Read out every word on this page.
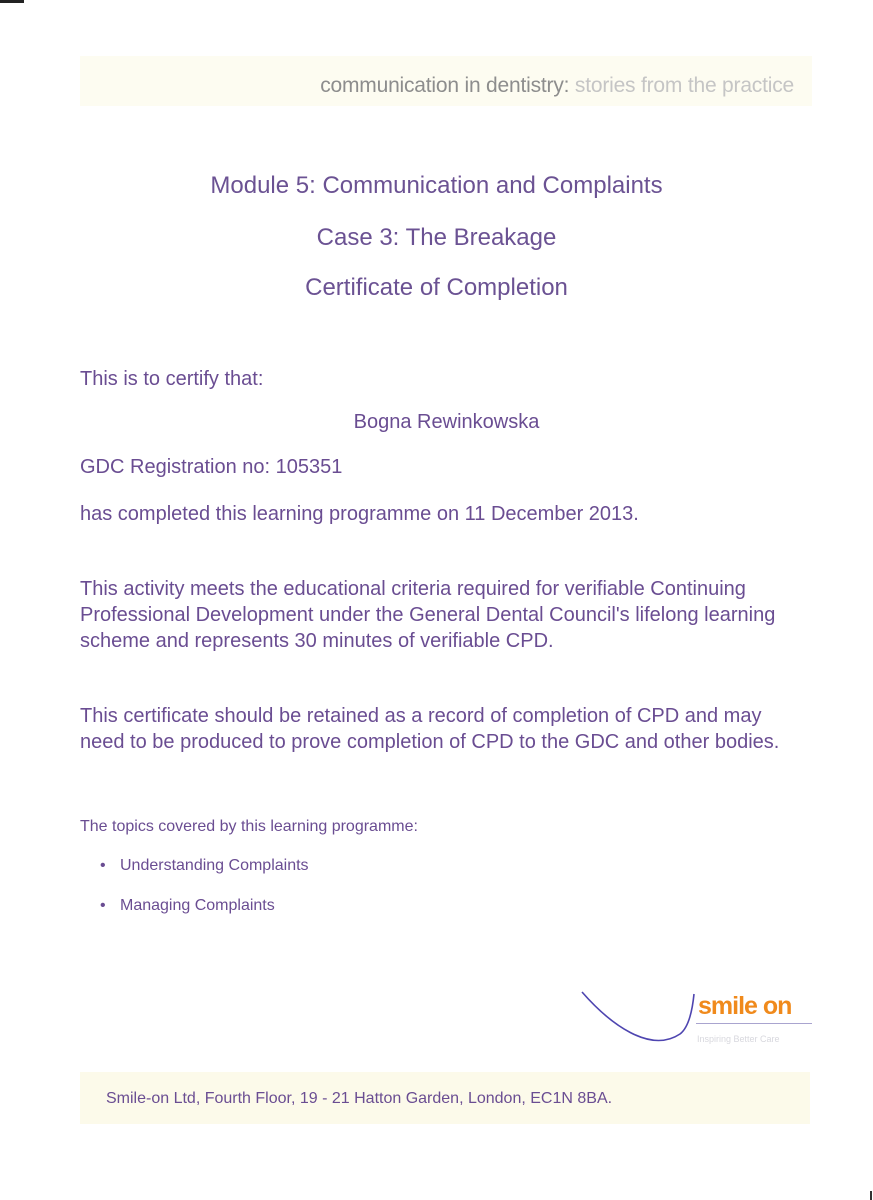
communication in dentistry: stories from the practice
Module 5: Communication and Complaints
Case 3: The Breakage
Certificate of Completion
This is to certify that:
Bogna Rewinkowska
GDC Registration no: 105351
has completed this learning programme on 11 December 2013.
This activity meets the educational criteria required for verifiable Continuing Professional Development under the General Dental Council's lifelong learning scheme and represents 30 minutes of verifiable CPD.
This certificate should be retained as a record of completion of CPD and may need to be produced to prove completion of CPD to the GDC and other bodies.
The topics covered by this learning programme:
• Understanding Complaints
• Managing Complaints
smile on
Inspiring Better Care
Smile-on Ltd, Fourth Floor, 19 - 21 Hatton Garden, London, EC1N 8BA.
